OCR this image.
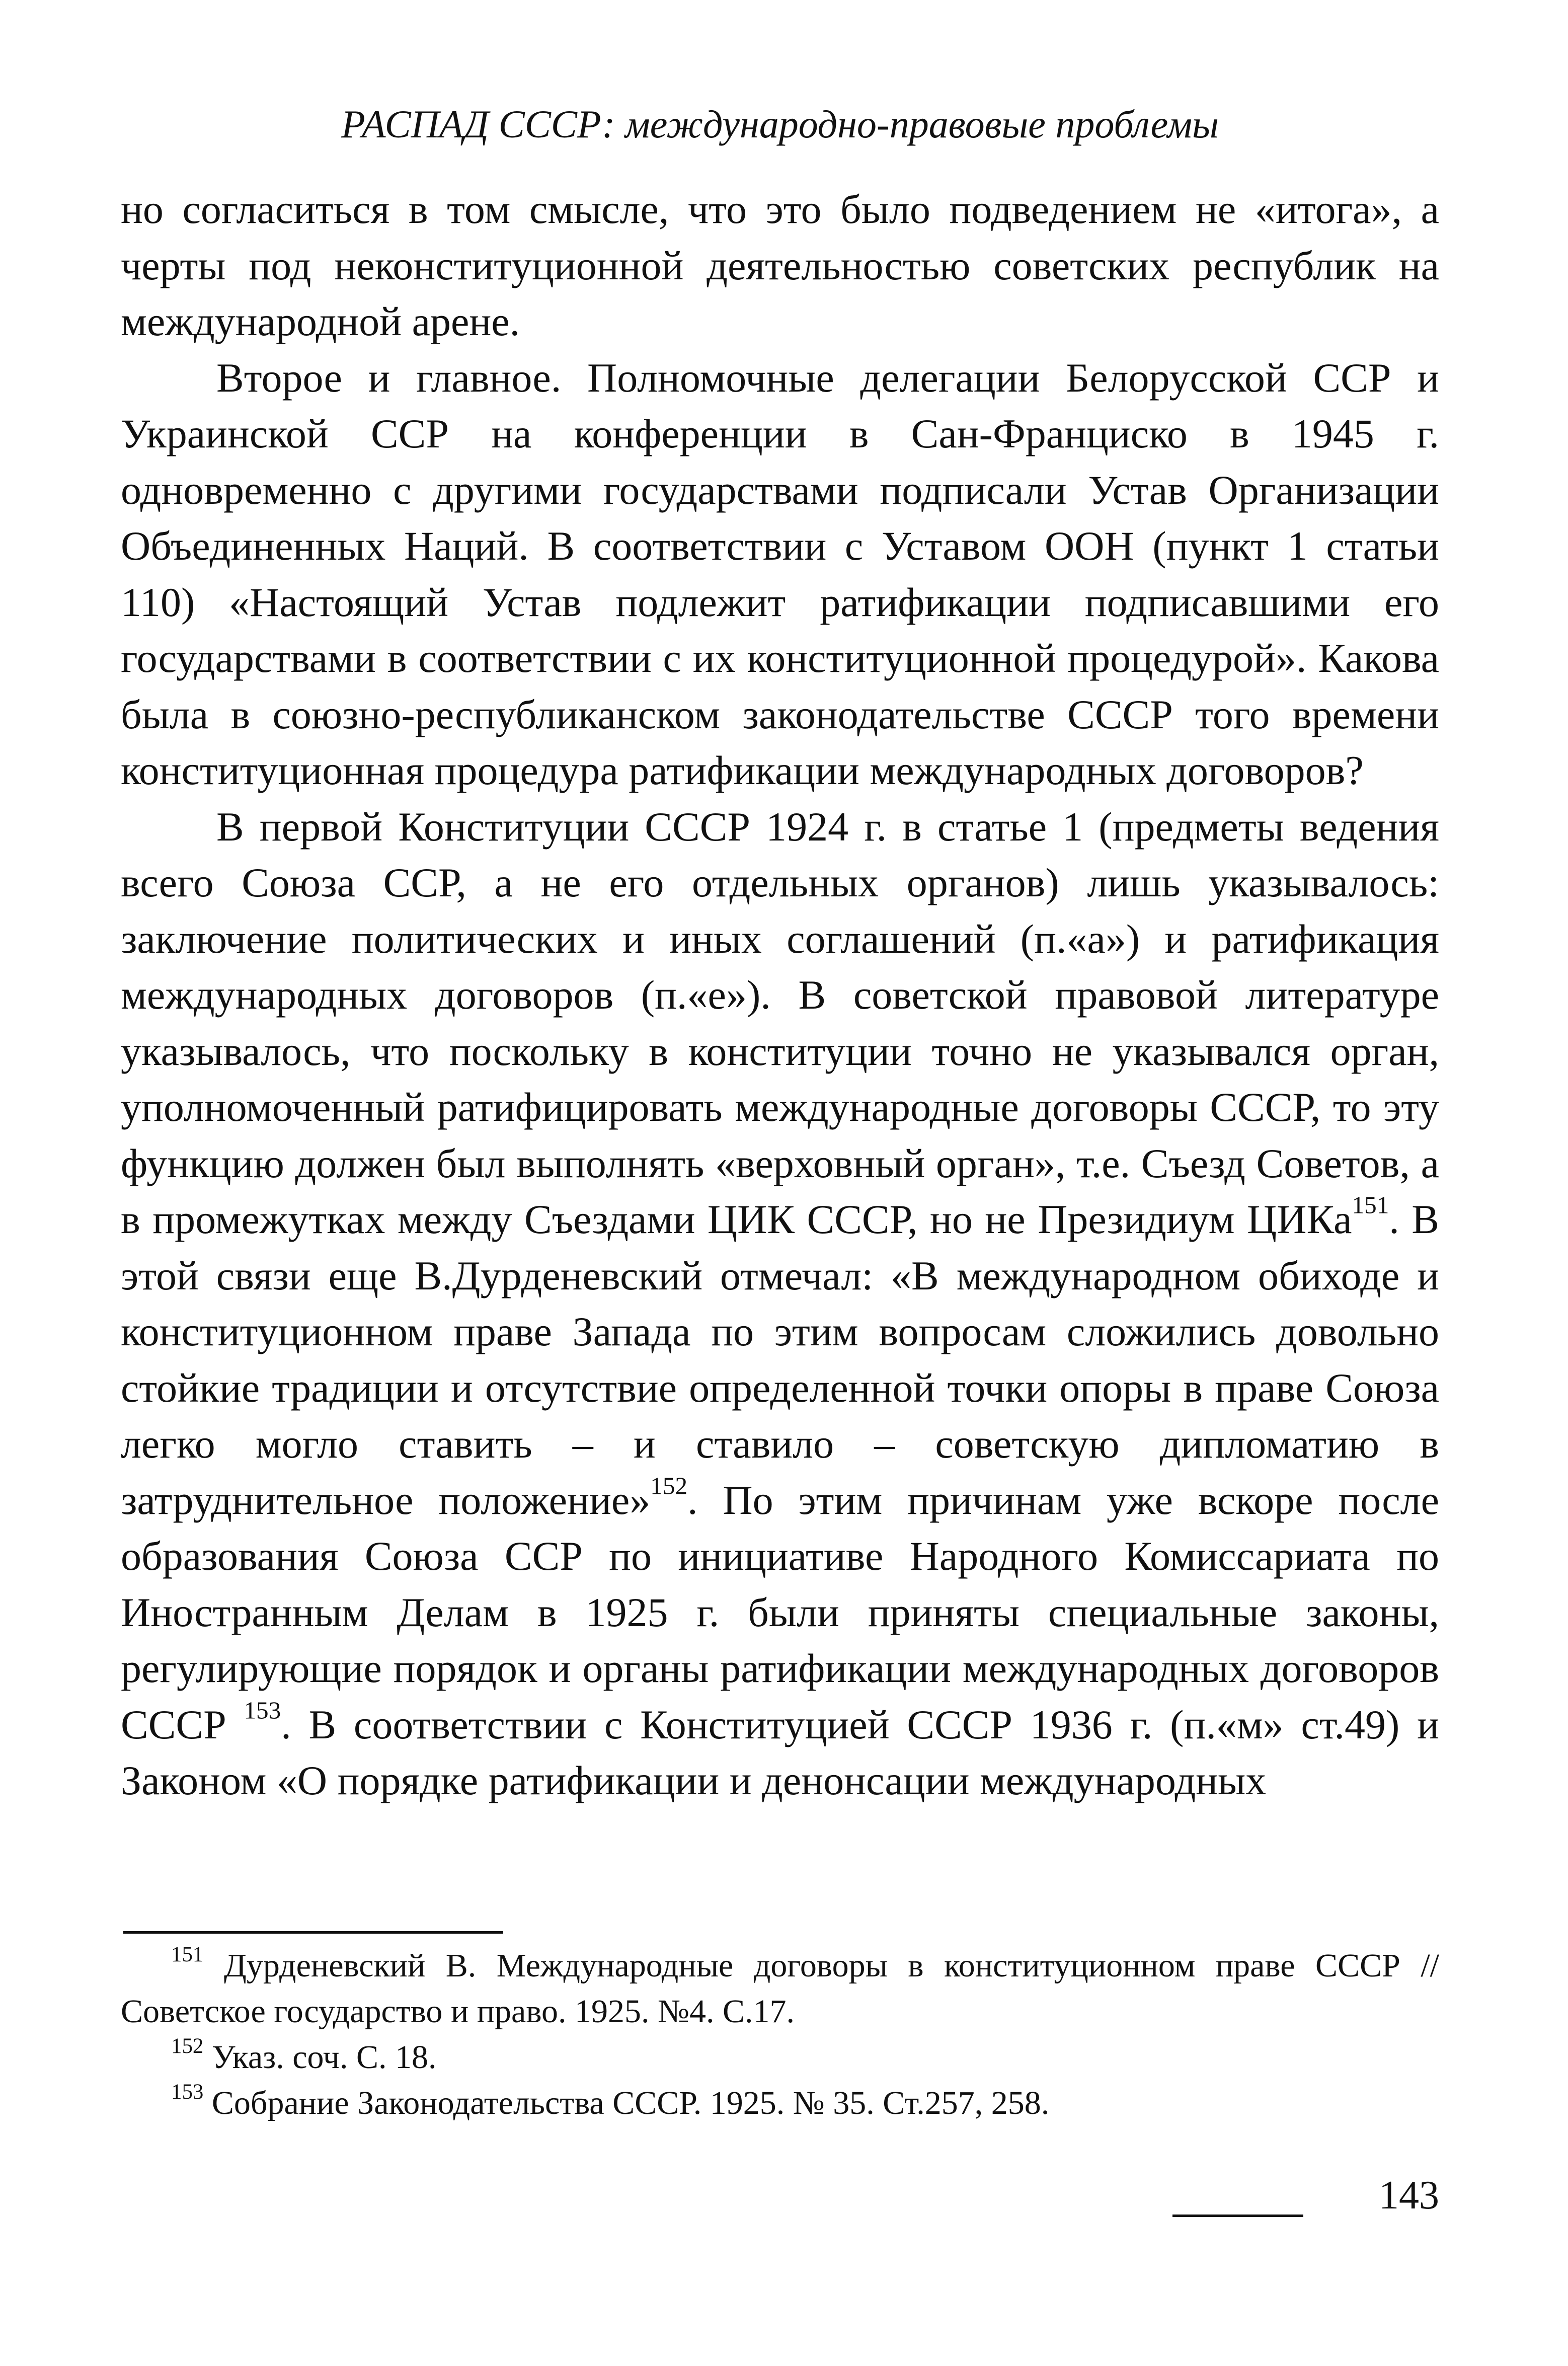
РАСПАД СССР: международно-правовые проблемы

но согласиться в том смысле, что это было подведением не «итога», а черты под неконституционной деятельностью советских республик на международной арене.

Второе и главное. Полномочные делегации Белорусской ССР и Украинской ССР на конференции в Сан-Франциско в 1945 г. одновременно с другими государствами подписали Устав Организации Объединенных Наций. В соответствии с Уставом ООН (пункт 1 статьи 110) «Настоящий Устав подлежит ратификации подписавшими его государствами в соответствии с их конституционной процедурой». Какова была в союзно-республиканском законодательстве СССР того времени конституционная процедура ратификации международных договоров?

В первой Конституции СССР 1924 г. в статье 1 (предметы ведения всего Союза ССР, а не его отдельных органов) лишь указывалось: заключение политических и иных соглашений (п.«а») и ратификация международных договоров (п.«е»). В советской правовой литературе указывалось, что поскольку в конституции точно не указывался орган, уполномоченный ратифицировать международные договоры СССР, то эту функцию должен был выполнять «верховный орган», т.е. Съезд Советов, а в промежутках между Съездами ЦИК СССР, но не Президиум ЦИКа$^{151}$. В этой связи еще В.Дурденевский отмечал: «В международном обиходе и конституционном праве Запада по этим вопросам сложились довольно стойкие традиции и отсутствие определенной точки опоры в праве Союза легко могло ставить – и ставило – советскую дипломатию в затруднительное положение»$^{152}$. По этим причинам уже вскоре после образования Союза ССР по инициативе Народного Комиссариата по Иностранным Делам в 1925 г. были приняты специальные законы, регулирующие порядок и органы ратификации международных договоров СССР $^{153}$. В соответствии с Конституцией СССР 1936 г. (п.«м» ст.49) и Законом «О порядке ратификации и денонсации международных

$^{151}$ Дурденевский В. Международные договоры в конституционном праве СССР // Советское государство и право. 1925. №4. С.17.

$^{152}$ Указ. соч. С. 18.

$^{153}$ Собрание Законодательства СССР. 1925. № 35. Ст.257, 258.

143
